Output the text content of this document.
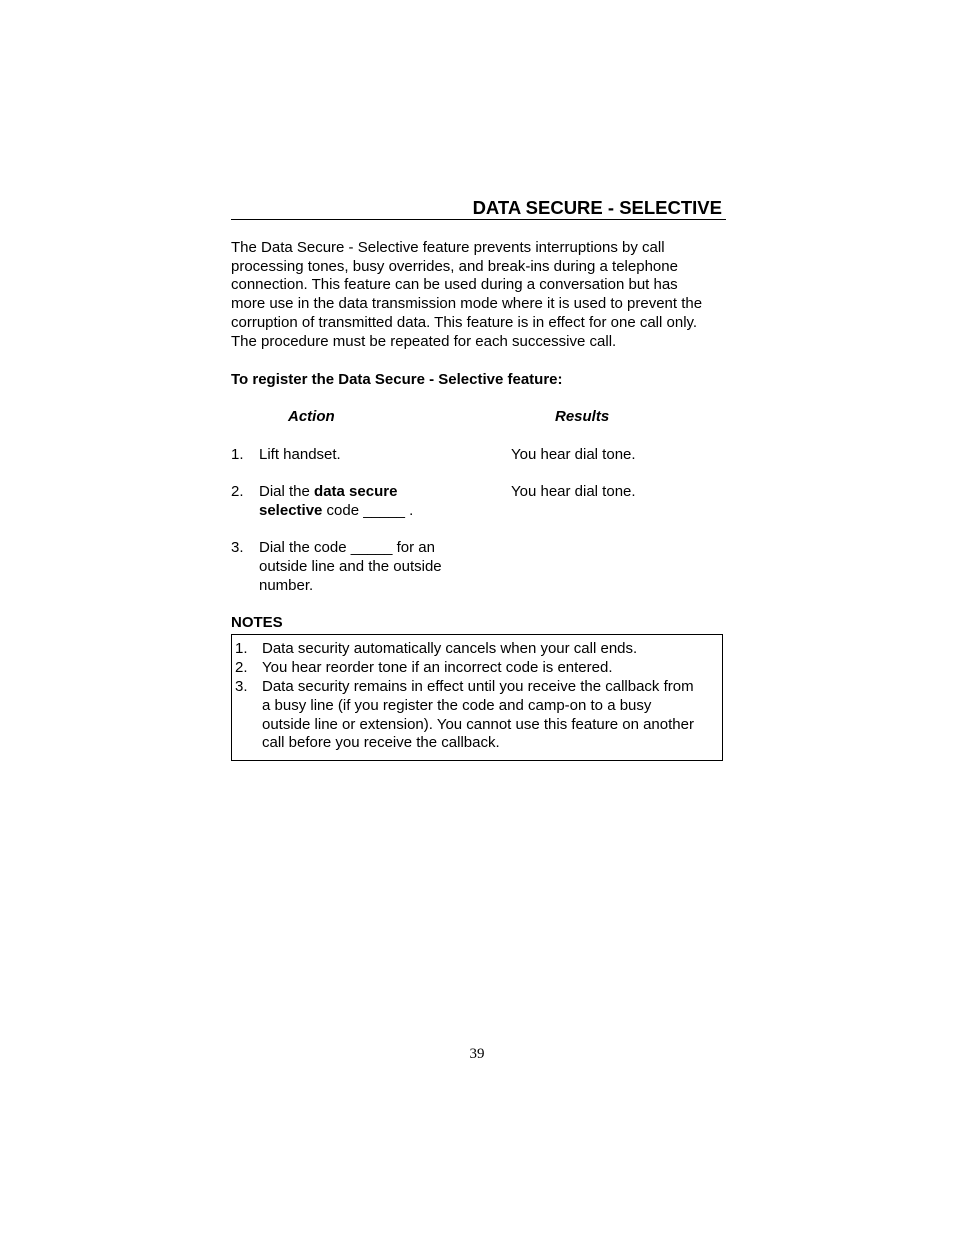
DATA SECURE - SELECTIVE

The Data Secure - Selective feature prevents interruptions by call

processing tones, busy overrides, and break-ins during a telephone

connection. This feature can be used during a conversation but has

more use in the data transmission mode where it is used to prevent the

corruption of transmitted data. This feature is in effect for one call only.

The procedure must be repeated for each successive call.

To register the Data Secure - Selective feature:
Action	Results
1. Lift handset.	You hear dial tone.
2. Dial the data secure
selective code _____ .
You hear dial tone.
3. Dial the code _____ for an
outside line and the outside
number.
NOTES
1. Data security automatically cancels when your call ends.
2. You hear reorder tone if an incorrect code is entered.
3. Data security remains in effect until you receive the callback from
a busy line (if you register the code and camp-on to a busy
outside line or extension). You cannot use this feature on another
call before you receive the callback.
39
